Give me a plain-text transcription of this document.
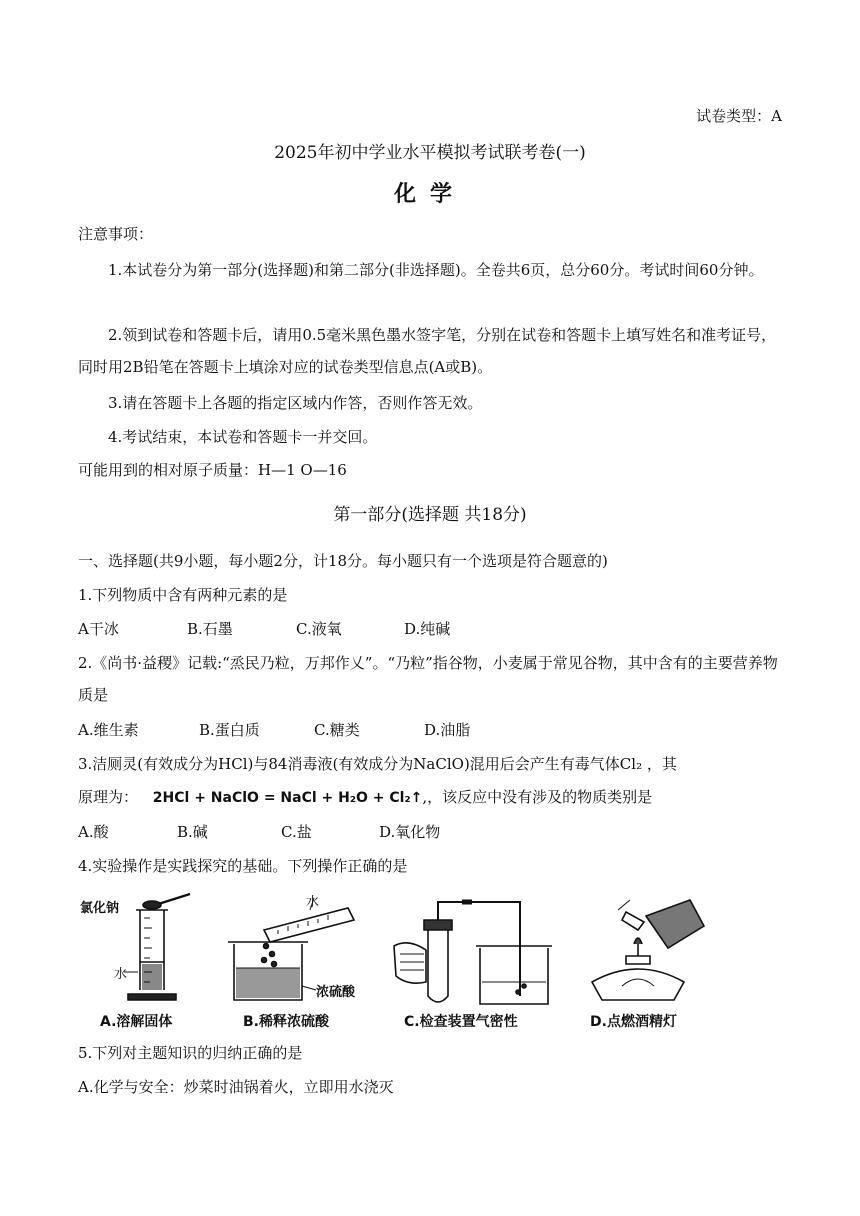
试卷类型：A
2025年初中学业水平模拟考试联考卷(一)
化学
注意事项：
1.本试卷分为第一部分(选择题)和第二部分(非选择题)。全卷共6页，总分60分。考试时间60分钟。
2.领到试卷和答题卡后，请用0.5毫米黑色墨水签字笔，分别在试卷和答题卡上填写姓名和准考证号，同时用2B铅笔在答题卡上填涂对应的试卷类型信息点(A或B)。
3.请在答题卡上各题的指定区域内作答，否则作答无效。
4.考试结束，本试卷和答题卡一并交回。
可能用到的相对原子质量：H—1 O—16
第一部分(选择题 共18分)
一、选择题(共9小题，每小题2分，计18分。每小题只有一个选项是符合题意的)
1.下列物质中含有两种元素的是
A干冰	B.石墨	C.液氧	D.纯碱
2.《尚书·益稷》记载:“烝民乃粒，万邦作乂”。“乃粒”指谷物，小麦属于常见谷物，其中含有的主要营养物质是
A.维生素	B.蛋白质	C.糖类	D.油脂
3.洁厕灵(有效成分为HCl)与84消毒液(有效成分为NaClO)混用后会产生有毒气体Cl₂ ，其
原理为： 2HCl + NaClO = NaCl + H₂O + Cl₂↑,，该反应中没有涉及的物质类别是
A.酸	B.碱	C.盐	D.氧化物
4.实验操作是实践探究的基础。下列操作正确的是
氯化钠
水
水
浓硫酸
A.溶解固体	B.稀释浓硫酸	C.检查装置气密性	D.点燃酒精灯
5.下列对主题知识的归纳正确的是
A.化学与安全：炒菜时油锅着火，立即用水浇灭
